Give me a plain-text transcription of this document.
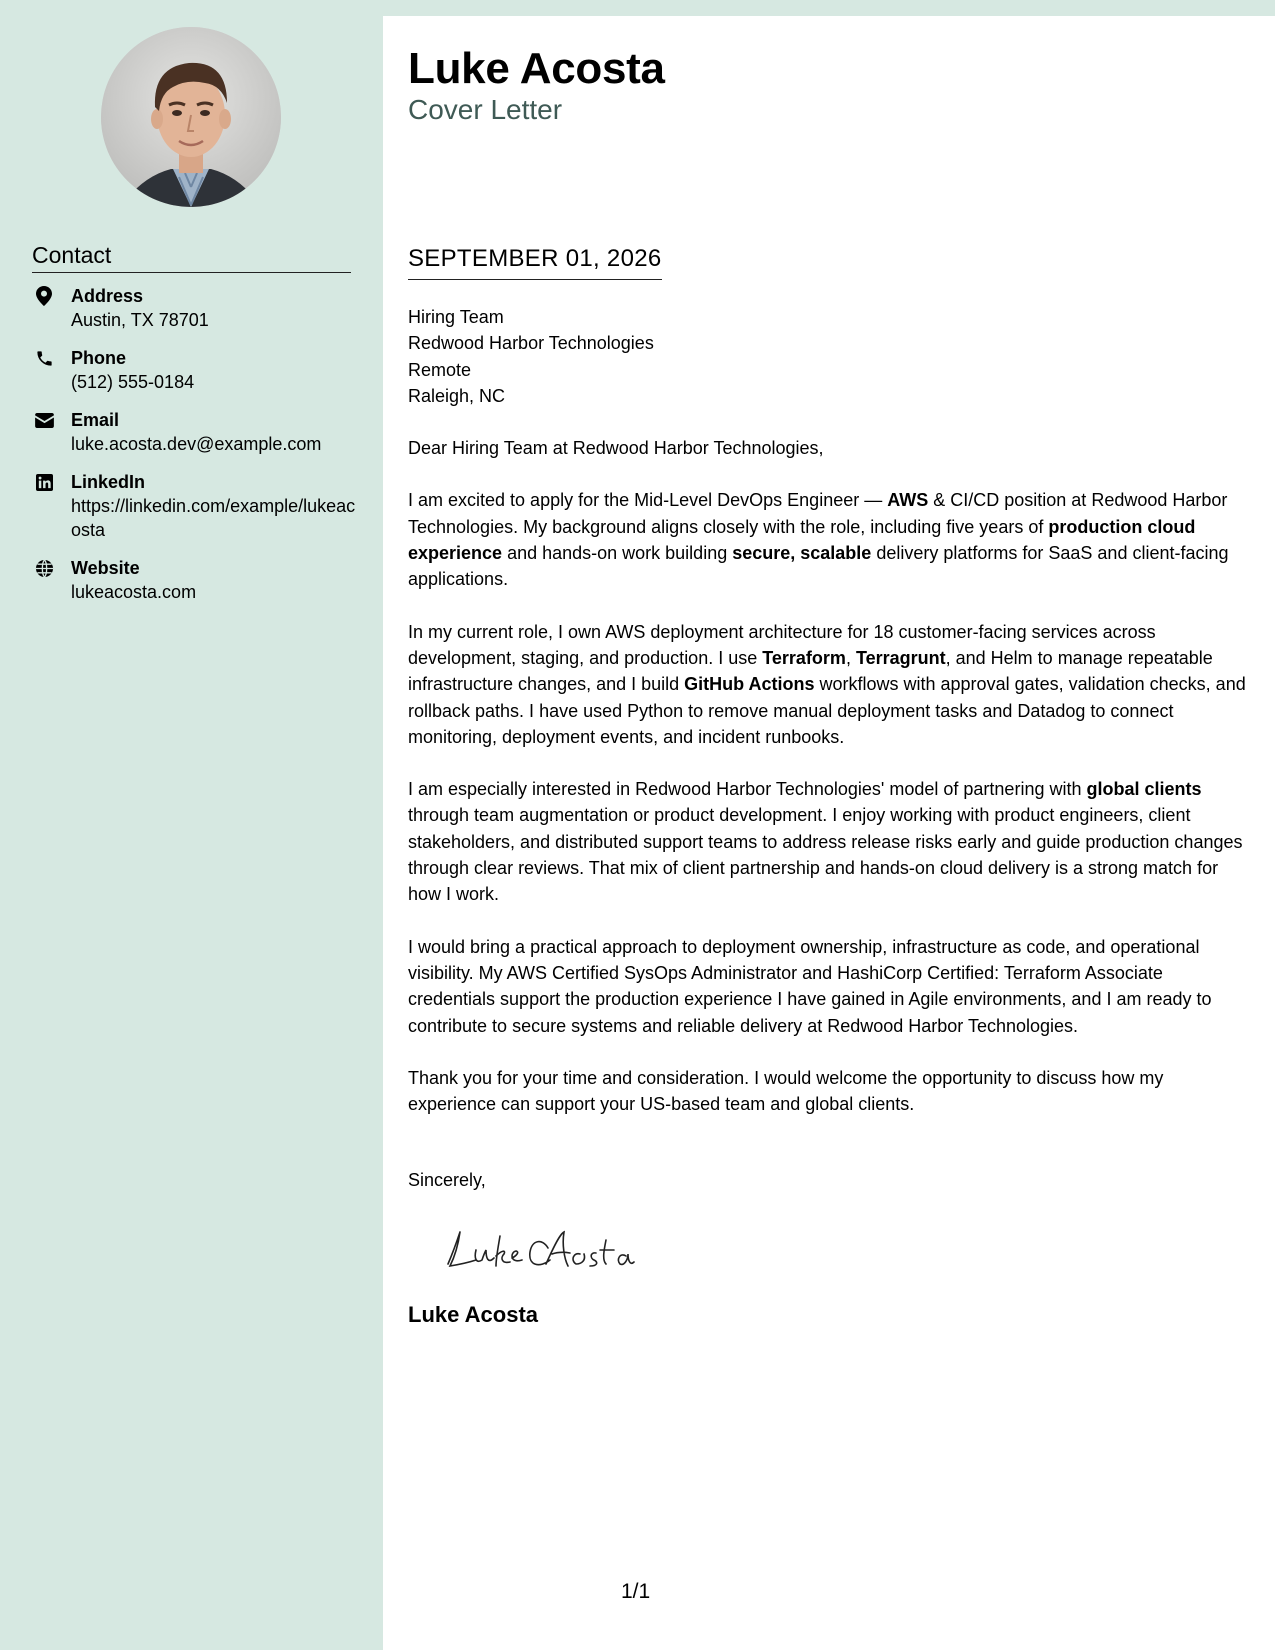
Contact
Address
Austin, TX 78701
Phone
(512) 555-0184
Email
luke.acosta.dev@example.com
LinkedIn
https://linkedin.com/example/lukeacosta
Website
lukeacosta.com
Luke Acosta
Cover Letter
SEPTEMBER 01, 2026

Hiring Team

Redwood Harbor Technologies

Remote

Raleigh, NC

Dear Hiring Team at Redwood Harbor Technologies,

I am excited to apply for the Mid-Level DevOps Engineer — AWS & CI/CD position at Redwood Harbor Technologies. My background aligns closely with the role, including five years of production cloud experience and hands-on work building secure, scalable delivery platforms for SaaS and client-facing applications.

In my current role, I own AWS deployment architecture for 18 customer-facing services across development, staging, and production. I use Terraform, Terragrunt, and Helm to manage repeatable infrastructure changes, and I build GitHub Actions workflows with approval gates, validation checks, and rollback paths. I have used Python to remove manual deployment tasks and Datadog to connect monitoring, deployment events, and incident runbooks.

I am especially interested in Redwood Harbor Technologies' model of partnering with global clients through team augmentation or product development. I enjoy working with product engineers, client stakeholders, and distributed support teams to address release risks early and guide production changes through clear reviews. That mix of client partnership and hands-on cloud delivery is a strong match for how I work.

I would bring a practical approach to deployment ownership, infrastructure as code, and operational visibility. My AWS Certified SysOps Administrator and HashiCorp Certified: Terraform Associate credentials support the production experience I have gained in Agile environments, and I am ready to contribute to secure systems and reliable delivery at Redwood Harbor Technologies.

Thank you for your time and consideration. I would welcome the opportunity to discuss how my experience can support your US-based team and global clients.

Sincerely,

Luke Acosta
1/1
